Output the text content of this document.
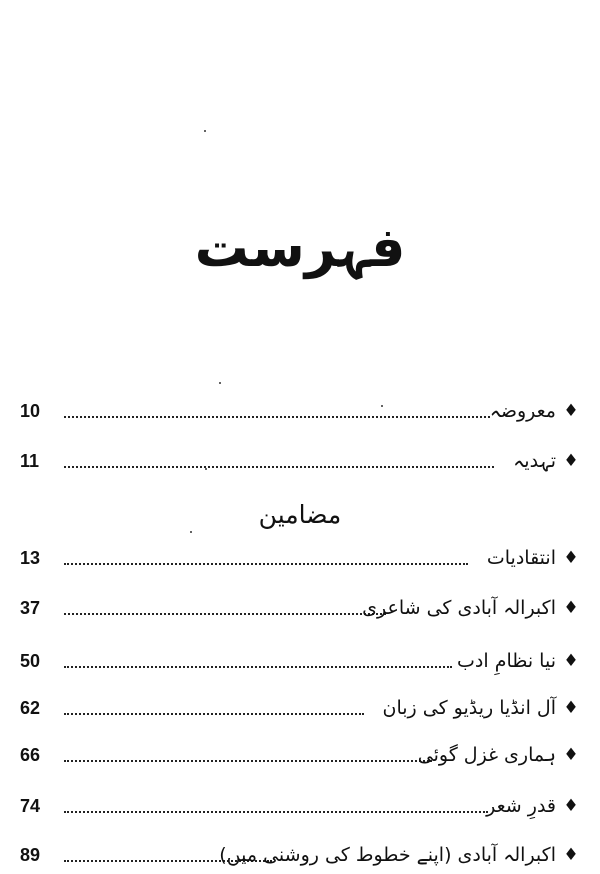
فہرست
مضامین
10	معروضہ ♦
11	تہدیہ ♦
13	انتقادیات ♦
37	اکبرالہ آبادی کی شاعری ♦
50	نیا نظامِ ادب ♦
62	آل انڈیا ریڈیو کی زبان ♦
66	ہماری غزل گوئی ♦
74	قدرِ شعر ♦
89	اکبرالہ آبادی (اپنے خطوط کی روشنی میں) ♦
